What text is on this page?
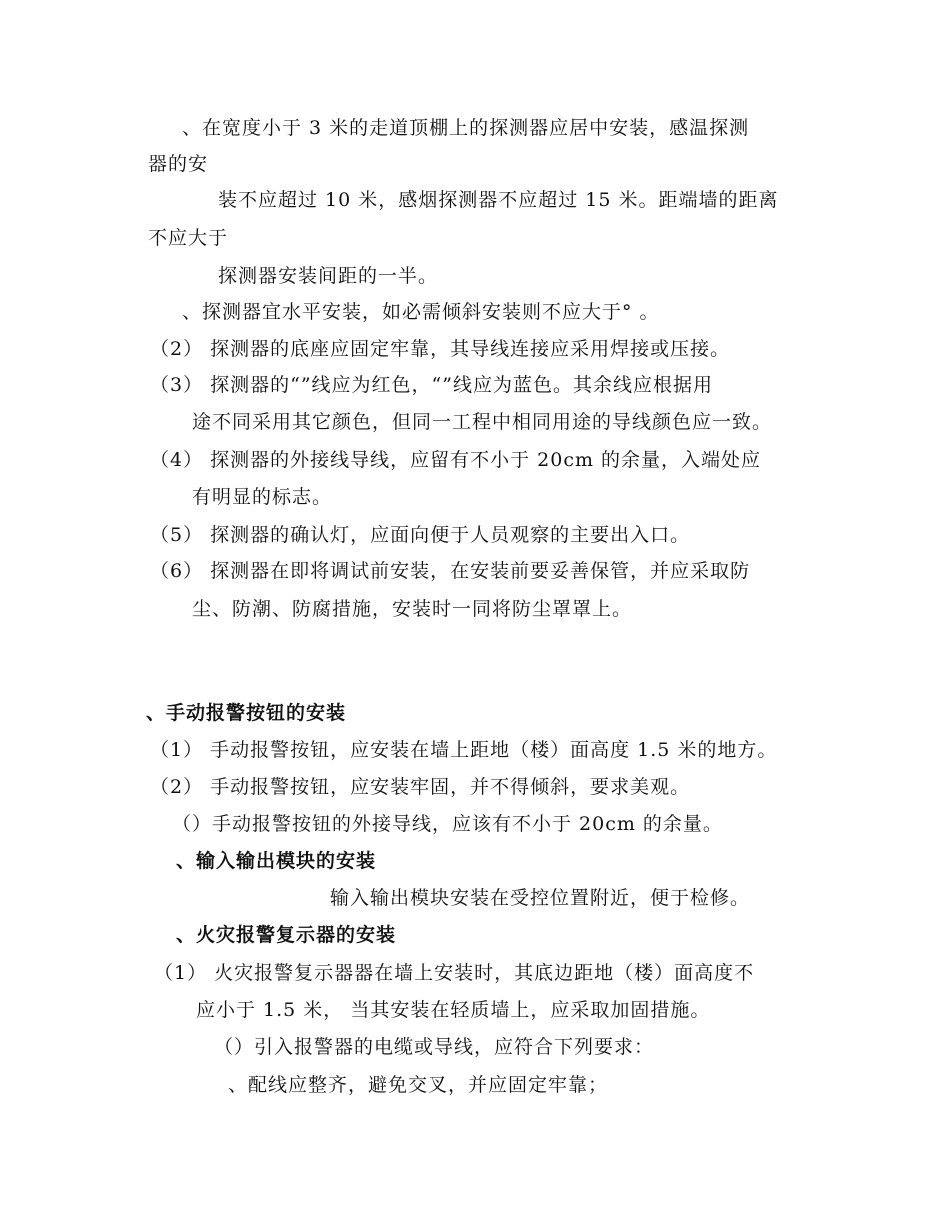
、在宽度小于 3 米的走道顶棚上的探测器应居中安装，感温探测
器的安
装不应超过 10 米，感烟探测器不应超过 15 米。距端墙的距离
不应大于
探测器安装间距的一半。
、探测器宜水平安装，如必需倾斜安装则不应大于° 。
（2） 探测器的底座应固定牢靠，其导线连接应采用焊接或压接。
（3） 探测器的“”线应为红色，“”线应为蓝色。其余线应根据用
途不同采用其它颜色，但同一工程中相同用途的导线颜色应一致。
（4） 探测器的外接线导线，应留有不小于 20cm 的余量，入端处应
有明显的标志。
（5） 探测器的确认灯，应面向便于人员观察的主要出入口。
（6） 探测器在即将调试前安装，在安装前要妥善保管，并应采取防
尘、防潮、防腐措施，安装时一同将防尘罩罩上。
、手动报警按钮的安装
（1） 手动报警按钮，应安装在墙上距地（楼）面高度 1.5 米的地方。
（2） 手动报警按钮，应安装牢固，并不得倾斜，要求美观。
（）手动报警按钮的外接导线，应该有不小于 20cm 的余量。
、输入输出模块的安装
输入输出模块安装在受控位置附近，便于检修。
、火灾报警复示器的安装
（1） 火灾报警复示器器在墙上安装时，其底边距地（楼）面高度不
应小于 1.5 米， 当其安装在轻质墙上，应采取加固措施。
（）引入报警器的电缆或导线，应符合下列要求：
、配线应整齐，避免交叉，并应固定牢靠；
